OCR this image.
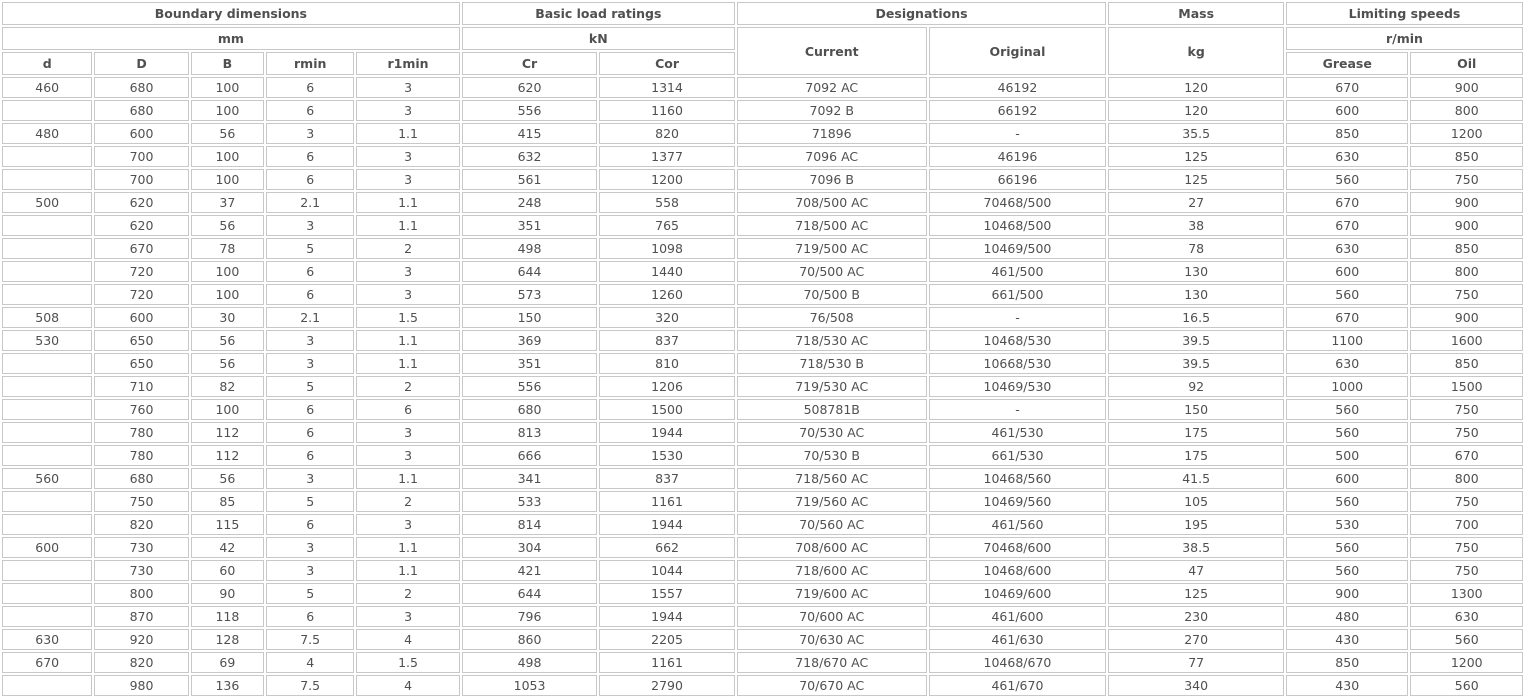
Boundary dimensions					Basic load ratings		Designations		Mass	Limiting speeds	
mm					kN		Current	Original	kg	r/min	
d	D	B	rmin	r1min	Cr	Cor				Grease	Oil
460	680	100	6	3	620	1314	7092 AC	46192	120	670	900
	680	100	6	3	556	1160	7092 B	66192	120	600	800
480	600	56	3	1.1	415	820	71896	-	35.5	850	1200
	700	100	6	3	632	1377	7096 AC	46196	125	630	850
	700	100	6	3	561	1200	7096 B	66196	125	560	750
500	620	37	2.1	1.1	248	558	708/500 AC	70468/500	27	670	900
	620	56	3	1.1	351	765	718/500 AC	10468/500	38	670	900
	670	78	5	2	498	1098	719/500 AC	10469/500	78	630	850
	720	100	6	3	644	1440	70/500 AC	461/500	130	600	800
	720	100	6	3	573	1260	70/500 B	661/500	130	560	750
508	600	30	2.1	1.5	150	320	76/508	-	16.5	670	900
530	650	56	3	1.1	369	837	718/530 AC	10468/530	39.5	1100	1600
	650	56	3	1.1	351	810	718/530 B	10668/530	39.5	630	850
	710	82	5	2	556	1206	719/530 AC	10469/530	92	1000	1500
	760	100	6	6	680	1500	508781B	-	150	560	750
	780	112	6	3	813	1944	70/530 AC	461/530	175	560	750
	780	112	6	3	666	1530	70/530 B	661/530	175	500	670
560	680	56	3	1.1	341	837	718/560 AC	10468/560	41.5	600	800
	750	85	5	2	533	1161	719/560 AC	10469/560	105	560	750
	820	115	6	3	814	1944	70/560 AC	461/560	195	530	700
600	730	42	3	1.1	304	662	708/600 AC	70468/600	38.5	560	750
	730	60	3	1.1	421	1044	718/600 AC	10468/600	47	560	750
	800	90	5	2	644	1557	719/600 AC	10469/600	125	900	1300
	870	118	6	3	796	1944	70/600 AC	461/600	230	480	630
630	920	128	7.5	4	860	2205	70/630 AC	461/630	270	430	560
670	820	69	4	1.5	498	1161	718/670 AC	10468/670	77	850	1200
	980	136	7.5	4	1053	2790	70/670 AC	461/670	340	430	560
